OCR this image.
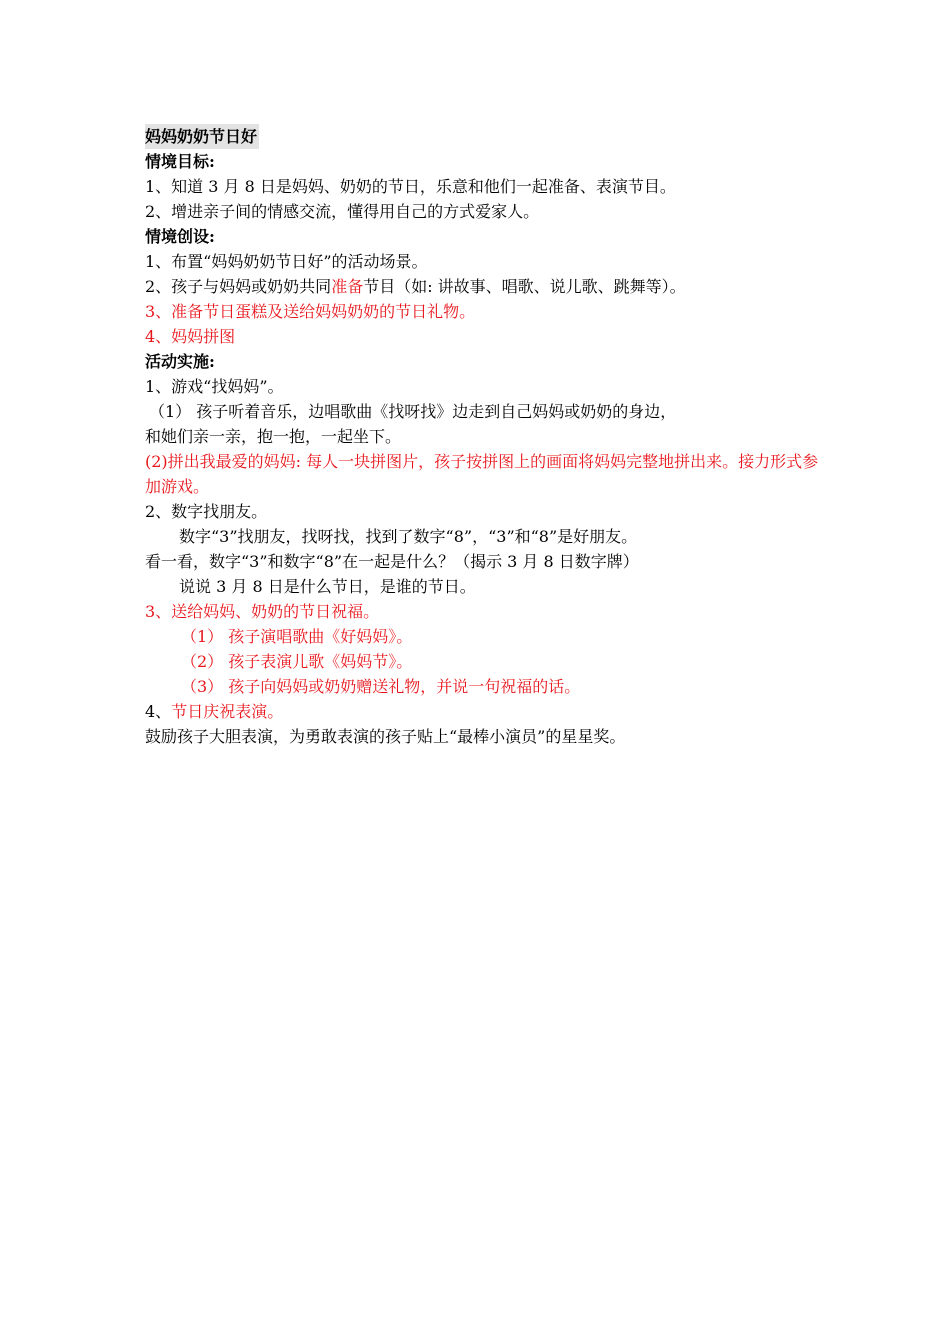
妈妈奶奶节日好
情境目标:
1、知道 3 月 8 日是妈妈、奶奶的节日，乐意和他们一起准备、表演节目。
2、增进亲子间的情感交流，懂得用自己的方式爱家人。
情境创设:
1、布置“妈妈奶奶节日好”的活动场景。
2、孩子与妈妈或奶奶共同准备节目（如: 讲故事、唱歌、说儿歌、跳舞等）。
3、准备节日蛋糕及送给妈妈奶奶的节日礼物。
4、妈妈拼图
活动实施:
1、游戏“找妈妈”。
（1） 孩子听着音乐，边唱歌曲《找呀找》边走到自己妈妈或奶奶的身边，
和她们亲一亲，抱一抱，一起坐下。
(2)拼出我最爱的妈妈: 每人一块拼图片，孩子按拼图上的画面将妈妈完整地拼出来。接力形式参加游戏。
2、数字找朋友。
数字“3”找朋友，找呀找，找到了数字“8”，“3”和“8”是好朋友。
看一看，数字“3”和数字“8”在一起是什么？（揭示 3 月 8 日数字牌）
说说 3 月 8 日是什么节日，是谁的节日。
3、送给妈妈、奶奶的节日祝福。
（1） 孩子演唱歌曲《好妈妈》。
（2） 孩子表演儿歌《妈妈节》。
（3） 孩子向妈妈或奶奶赠送礼物，并说一句祝福的话。
4、节日庆祝表演。
鼓励孩子大胆表演，为勇敢表演的孩子贴上“最棒小演员”的星星奖。
